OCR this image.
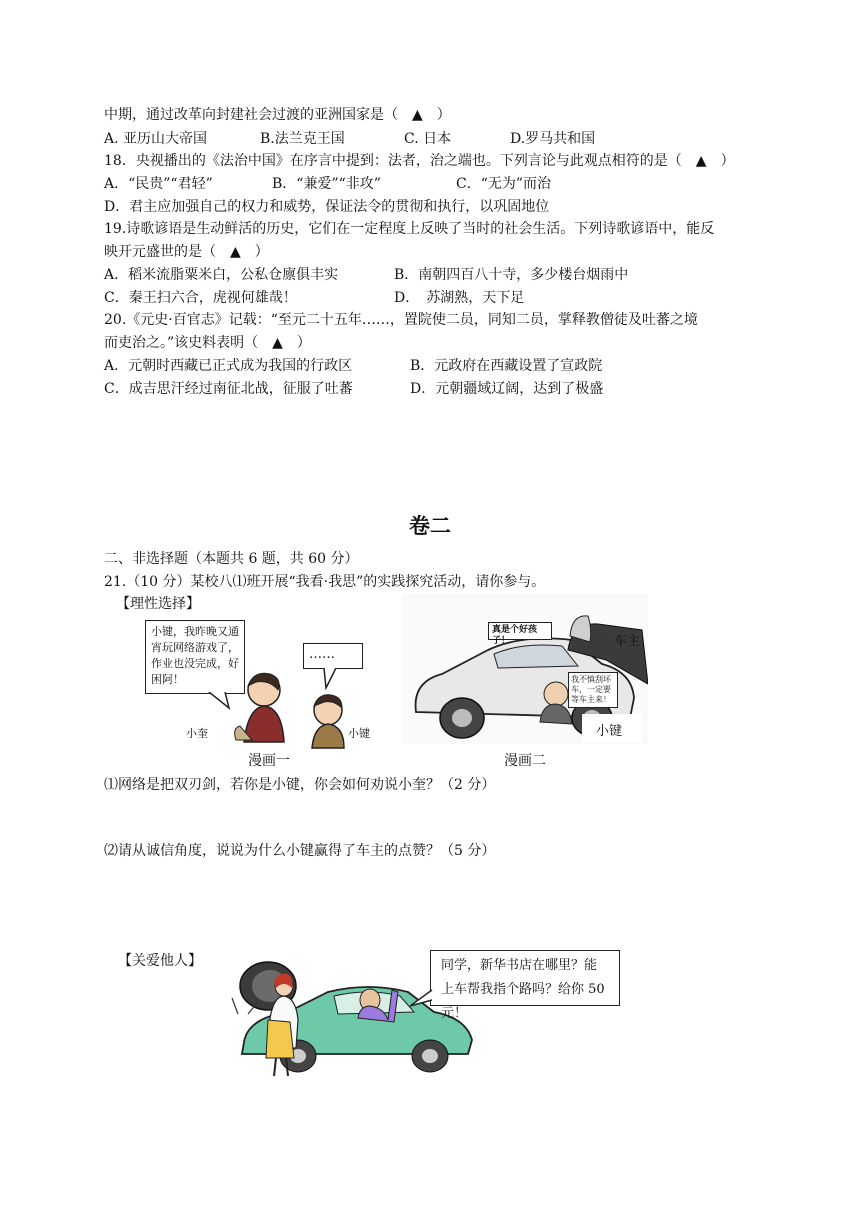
中期，通过改革向封建社会过渡的亚洲国家是（　▲　）
A. 亚历山大帝国	B.法兰克王国	C. 日本	D.罗马共和国
18．央视播出的《法治中国》在序言中提到：法者，治之端也。下列言论与此观点相符的是（　▲　）
A．“民贵”“君轻”	B．“兼爱”“非攻”	C．“无为”而治
D．君主应加强自己的权力和威势，保证法令的贯彻和执行，以巩固地位
19.诗歌谚语是生动鲜活的历史，它们在一定程度上反映了当时的社会生活。下列诗歌谚语中，能反
映开元盛世的是（　▲　）
A．稻米流脂粟米白，公私仓廪俱丰实	B．南朝四百八十寺，多少楼台烟雨中
C．秦王扫六合，虎视何雄哉！	D．　苏湖熟，天下足
20.《元史·百官志》记载：“至元二十五年……，置院使二员，同知二员，掌释教僧徒及吐蕃之境
而吏治之。”该史料表明（　▲　）
A．元朝时西藏已正式成为我国的行政区	B．元政府在西藏设置了宣政院
C．成吉思汗经过南征北战，征服了吐蕃	D．元朝疆域辽阔，达到了极盛
卷二
二、非选择题（本题共 6 题，共 60 分）
21.（10 分）某校八⑴班开展“我看·我思”的实践探究活动，请你参与。
【理性选择】
小键，我昨晚又通宵玩网络游戏了，作业也没完成，好困阿！
……
小奎	小键
漫画一
真是个好孩子！
我不慎刮坏车，一定要等车主来！
车主
小键
漫画二
⑴网络是把双刃剑，若你是小键，你会如何劝说小奎？（2 分）
⑵请从诚信角度，说说为什么小键赢得了车主的点赞？（5 分）
【关爱他人】	同学，新华书店在哪里？能上车帮我指个路吗？给你 50 元！
